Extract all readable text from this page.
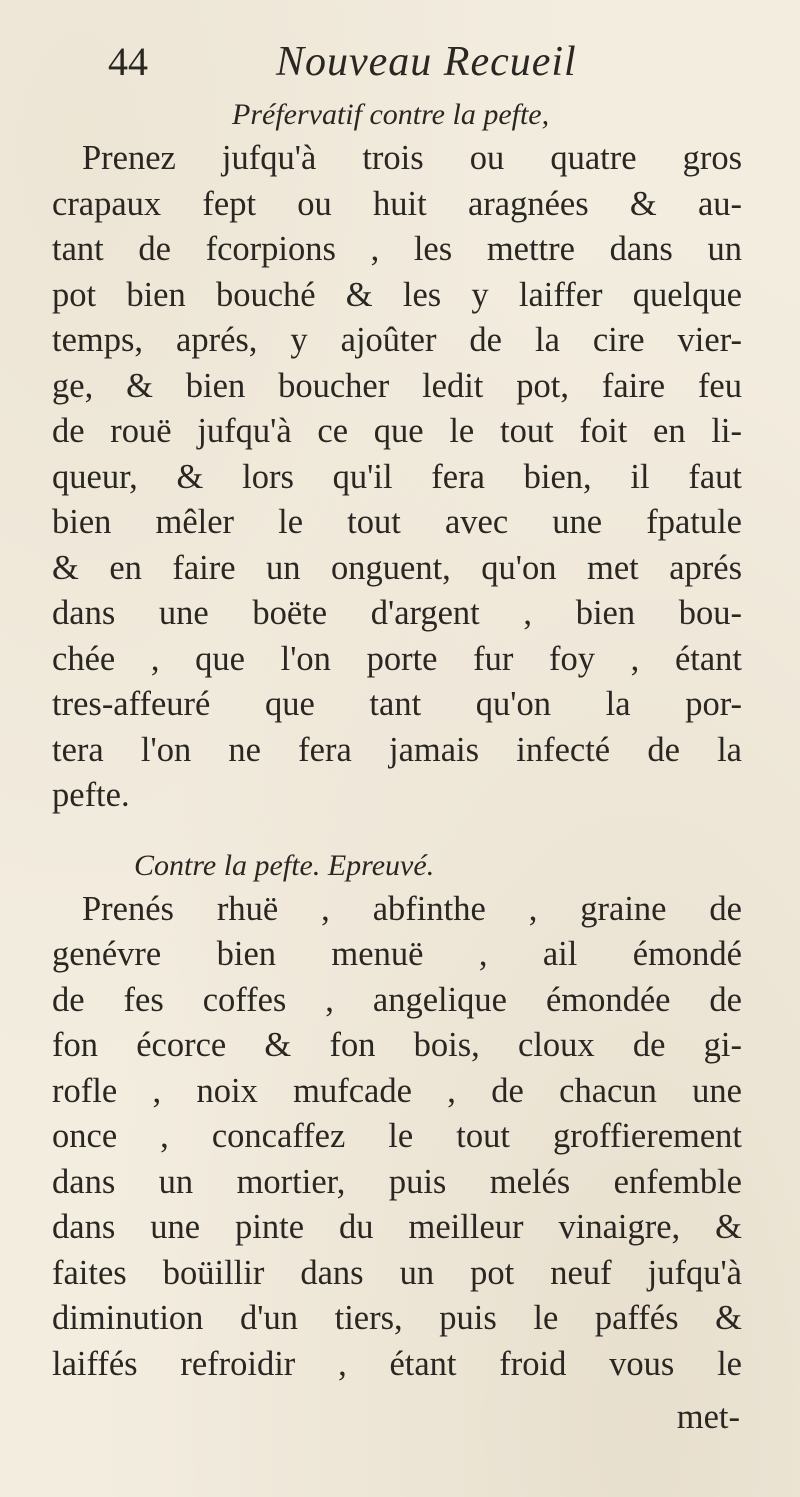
44	Nouveau Recueil
Préfervatif contre la pefte,
Prenez jufqu'à trois ou quatre gros
crapaux fept ou huit aragnées & au-
tant de fcorpions , les mettre dans un
pot bien bouché & les y laiffer quelque
temps, aprés, y ajoûter de la cire vier-
ge, & bien boucher ledit pot, faire feu
de rouë jufqu'à ce que le tout foit en li-
queur, & lors qu'il fera bien, il faut
bien mêler le tout avec une fpatule
& en faire un onguent, qu'on met aprés
dans une boëte d'argent , bien bou-
chée , que l'on porte fur foy , étant
tres-affeuré que tant qu'on la por-
tera l'on ne fera jamais infecté de la
pefte.
Contre la pefte. Epreuvé.
Prenés rhuë , abfinthe , graine de
genévre bien menuë , ail émondé
de fes coffes , angelique émondée de
fon écorce & fon bois, cloux de gi-
rofle , noix mufcade , de chacun une
once , concaffez le tout groffierement
dans un mortier, puis melés enfemble
dans une pinte du meilleur vinaigre, &
faites boüillir dans un pot neuf jufqu'à
diminution d'un tiers, puis le paffés &
laiffés refroidir , étant froid vous le
met-
